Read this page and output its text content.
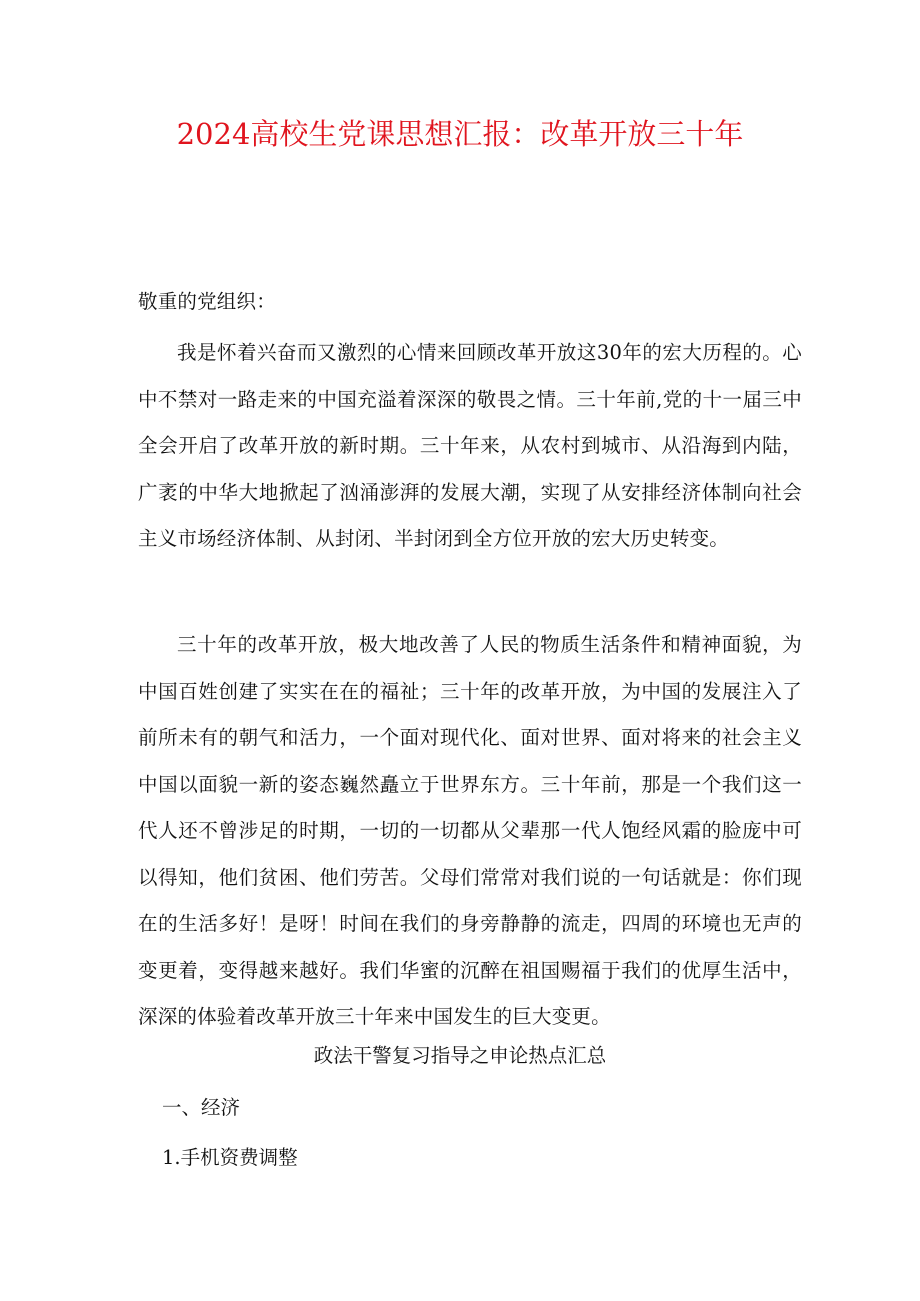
2024高校生党课思想汇报：改革开放三十年
敬重的党组织：
我是怀着兴奋而又激烈的心情来回顾改革开放这30年的宏大历程的。心中不禁对一路走来的中国充溢着深深的敬畏之情。三十年前,党的十一届三中全会开启了改革开放的新时期。三十年来，从农村到城市、从沿海到内陆，广袤的中华大地掀起了汹涌澎湃的发展大潮，实现了从安排经济体制向社会主义市场经济体制、从封闭、半封闭到全方位开放的宏大历史转变。
三十年的改革开放，极大地改善了人民的物质生活条件和精神面貌，为中国百姓创建了实实在在的福祉；三十年的改革开放，为中国的发展注入了前所未有的朝气和活力，一个面对现代化、面对世界、面对将来的社会主义中国以面貌一新的姿态巍然矗立于世界东方。三十年前，那是一个我们这一代人还不曾涉足的时期，一切的一切都从父辈那一代人饱经风霜的脸庞中可以得知，他们贫困、他们劳苦。父母们常常对我们说的一句话就是：你们现在的生活多好！是呀！时间在我们的身旁静静的流走，四周的环境也无声的变更着，变得越来越好。我们华蜜的沉醉在祖国赐福于我们的优厚生活中，深深的体验着改革开放三十年来中国发生的巨大变更。
政法干警复习指导之申论热点汇总
一、经济
1.手机资费调整
